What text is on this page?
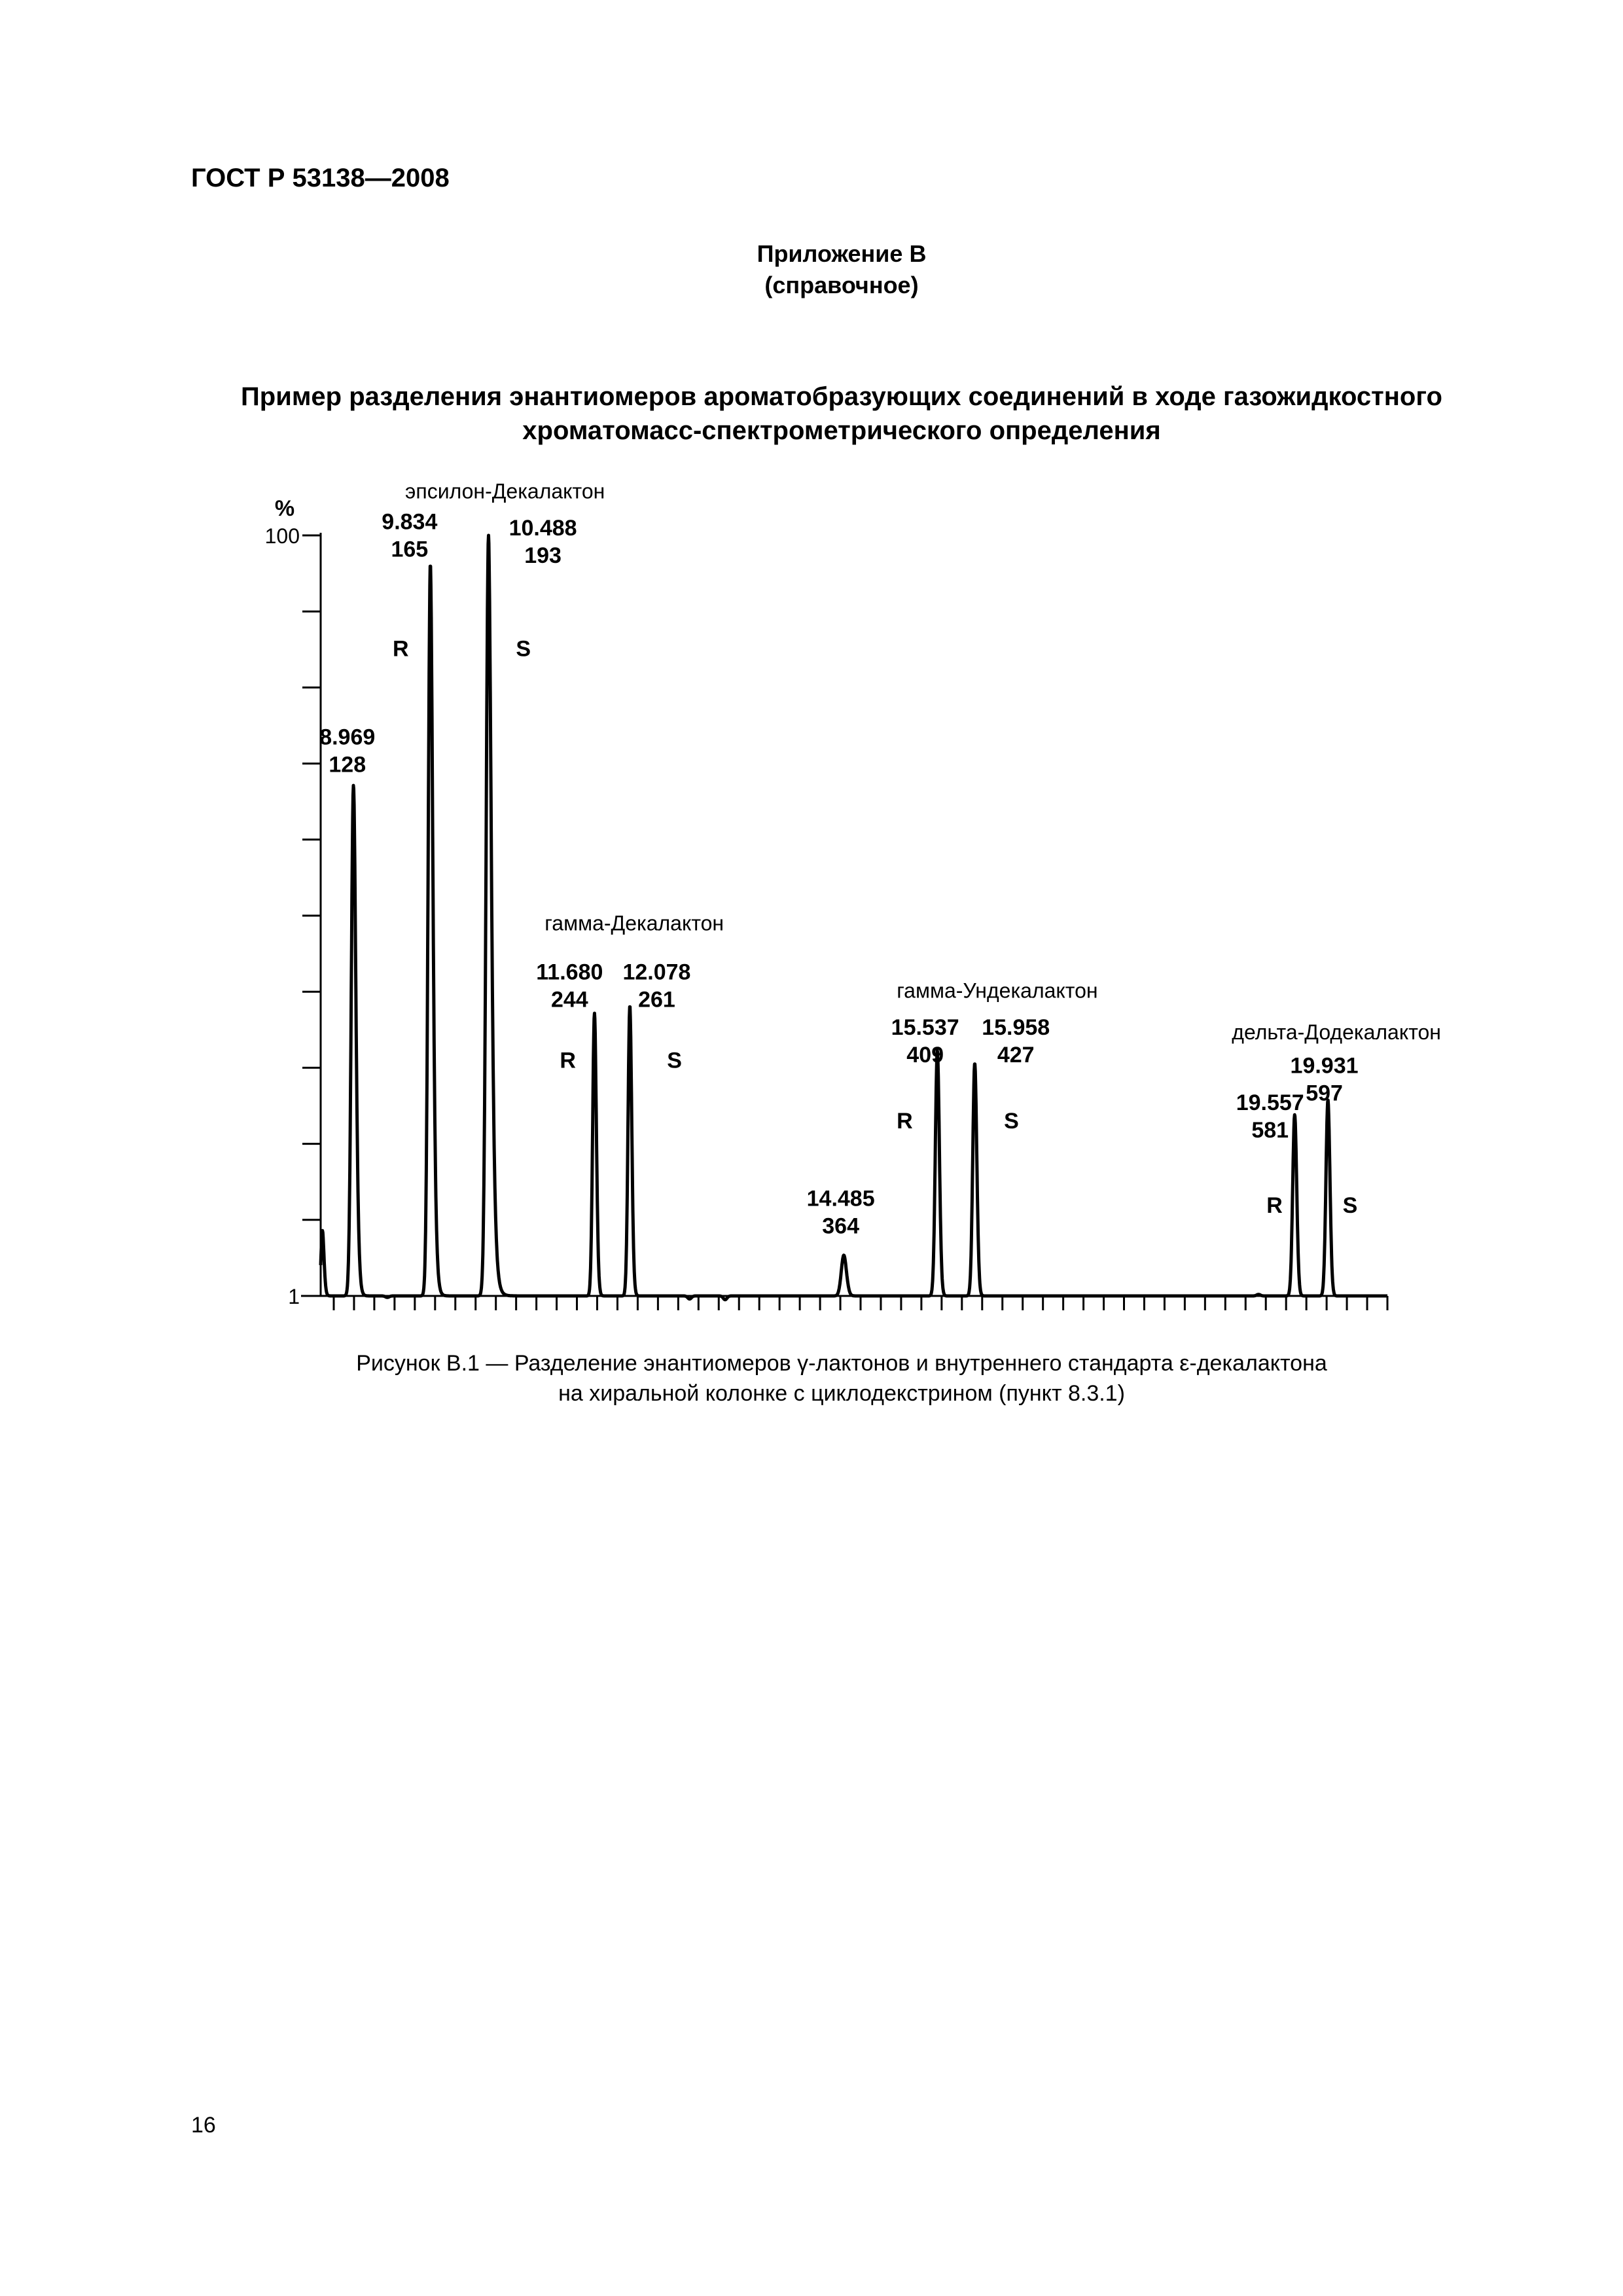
ГОСТ Р 53138—2008
Приложение В
(справочное)
Пример разделения энантиомеров ароматобразующих соединений в ходе газожидкостного
хроматомасс-спектрометрического определения
%
100
1
8.969
128
9.834
165
10.488
193
11.680
244
12.078
261
14.485
364
15.537
409
15.958
427
19.557
581
19.931
597
эпсилон-Декалактон
гамма-Декалактон
гамма-Ундекалактон
дельта-Додекалактон
R	S
R	S
R	S
R	S
Рисунок В.1 — Разделение энантиомеров γ-лактонов и внутреннего стандарта ε-декалактона
на хиральной колонке с циклодекстрином (пункт 8.3.1)
16
